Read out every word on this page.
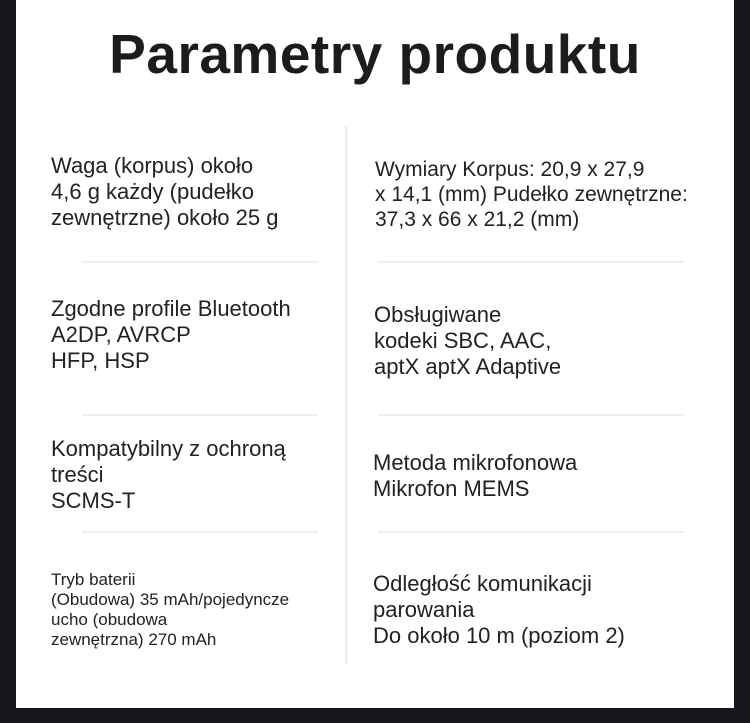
Parametry produktu
Waga (korpus) około
4,6 g każdy (pudełko
zewnętrzne) około 25 g
Wymiary Korpus: 20,9 x 27,9
x 14,1 (mm) Pudełko zewnętrzne:
37,3 x 66 x 21,2 (mm)
Zgodne profile Bluetooth
A2DP, AVRCP
HFP, HSP
Obsługiwane
kodeki SBC, AAC,
aptX aptX Adaptive
Kompatybilny z ochroną
treści
SCMS-T
Metoda mikrofonowa
Mikrofon MEMS
Tryb baterii
(Obudowa) 35 mAh/pojedyncze
ucho (obudowa
zewnętrzna) 270 mAh
Odległość komunikacji
parowania
Do około 10 m (poziom 2)
